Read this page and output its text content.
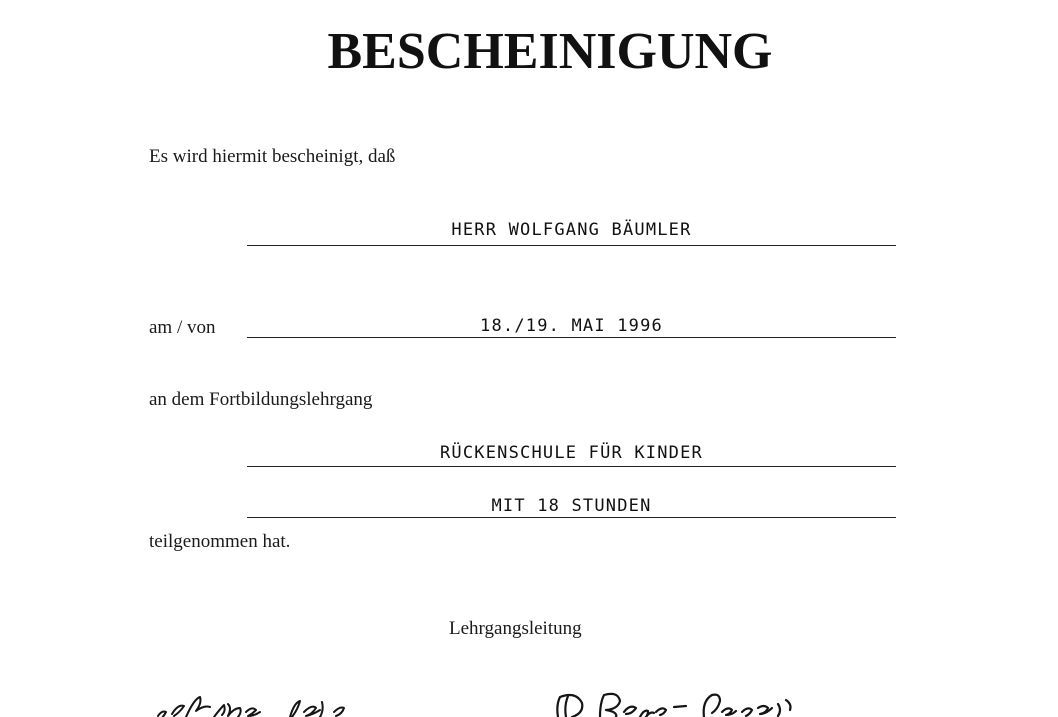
BESCHEINIGUNG
Es wird hiermit bescheinigt, daß
HERR WOLFGANG BÄUMLER
am / von	18./19. MAI 1996
an dem Fortbildungslehrgang
RÜCKENSCHULE FÜR KINDER
MIT 18 STUNDEN
teilgenommen hat.
Lehrgangsleitung
